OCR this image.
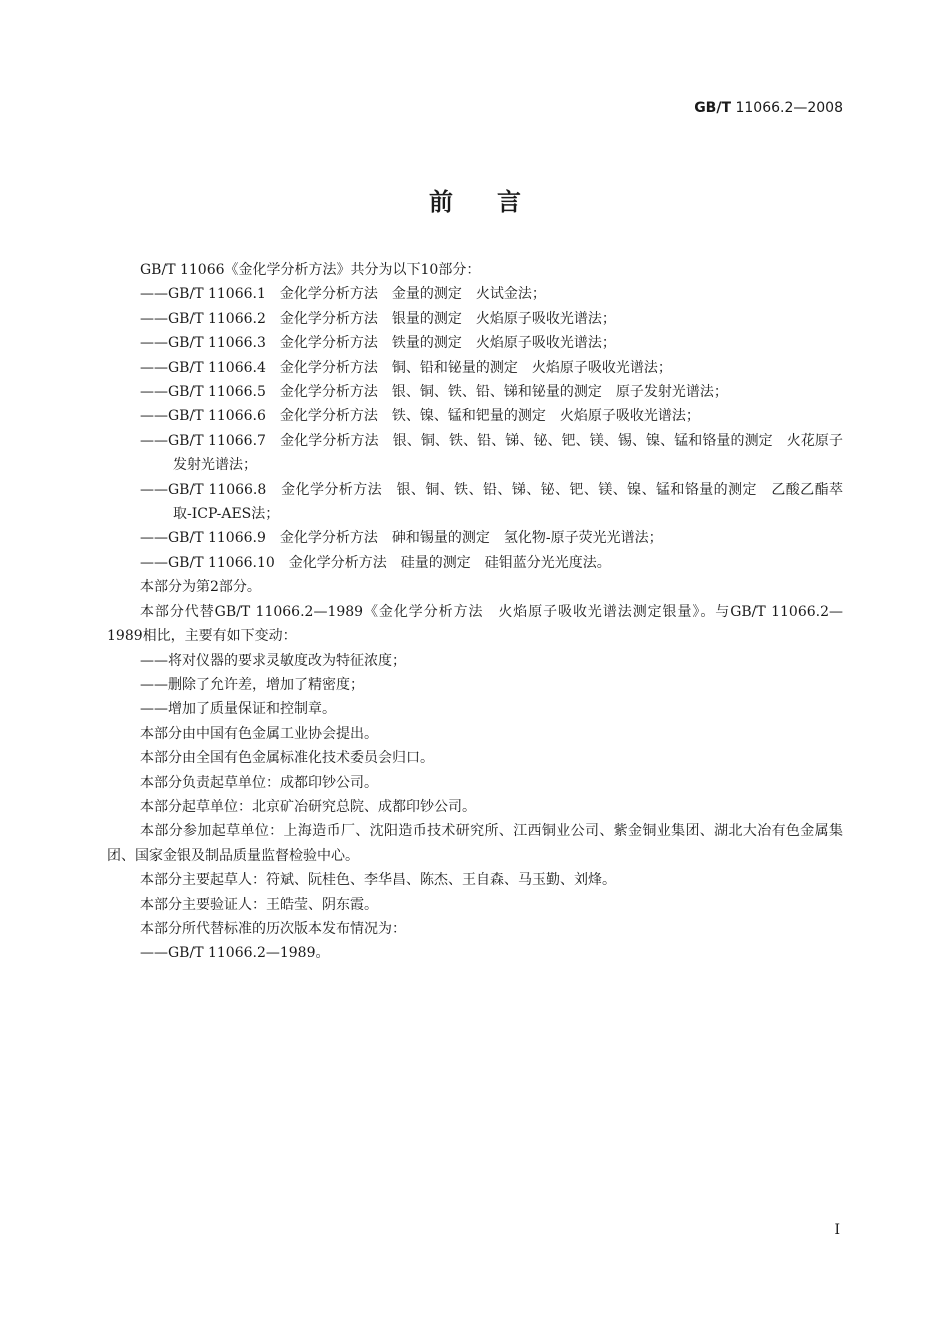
GB/T 11066.2—2008
前言

GB/T 11066《金化学分析方法》共分为以下10部分：

——GB/T 11066.1　 金化学分析方法　金量的测定　火试金法；

——GB/T 11066.2　 金化学分析方法　银量的测定　火焰原子吸收光谱法；

——GB/T 11066.3　 金化学分析方法　铁量的测定　火焰原子吸收光谱法；

——GB/T 11066.4　 金化学分析方法　铜、铅和铋量的测定　火焰原子吸收光谱法；

——GB/T 11066.5　 金化学分析方法　银、铜、铁、铅、锑和铋量的测定　原子发射光谱法；

——GB/T 11066.6　 金化学分析方法　铁、镍、锰和钯量的测定　火焰原子吸收光谱法；

——GB/T 11066.7　 金化学分析方法　银、铜、铁、铅、锑、铋、钯、镁、锡、镍、锰和铬量的测定　火花原子发射光谱法；

——GB/T 11066.8　 金化学分析方法　银、铜、铁、铅、锑、铋、钯、镁、镍、锰和铬量的测定　乙酸乙酯萃取-ICP-AES法；

——GB/T 11066.9　 金化学分析方法　砷和锡量的测定　氢化物-原子荧光光谱法；

——GB/T 11066.10　 金化学分析方法　硅量的测定　硅钼蓝分光光度法。

本部分为第2部分。

本部分代替GB/T 11066.2—1989《金化学分析方法　火焰原子吸收光谱法测定银量》。与GB/T 11066.2—1989相比，主要有如下变动：

——将对仪器的要求灵敏度改为特征浓度；

——删除了允许差，增加了精密度；

——增加了质量保证和控制章。

本部分由中国有色金属工业协会提出。

本部分由全国有色金属标准化技术委员会归口。

本部分负责起草单位：成都印钞公司。

本部分起草单位：北京矿冶研究总院、成都印钞公司。

本部分参加起草单位：上海造币厂、沈阳造币技术研究所、江西铜业公司、紫金铜业集团、湖北大冶有色金属集团、国家金银及制品质量监督检验中心。

本部分主要起草人：符斌、阮桂色、李华昌、陈杰、王自森、马玉勤、刘烽。

本部分主要验证人：王皓莹、阴东霞。

本部分所代替标准的历次版本发布情况为：

——GB/T 11066.2—1989。

I
